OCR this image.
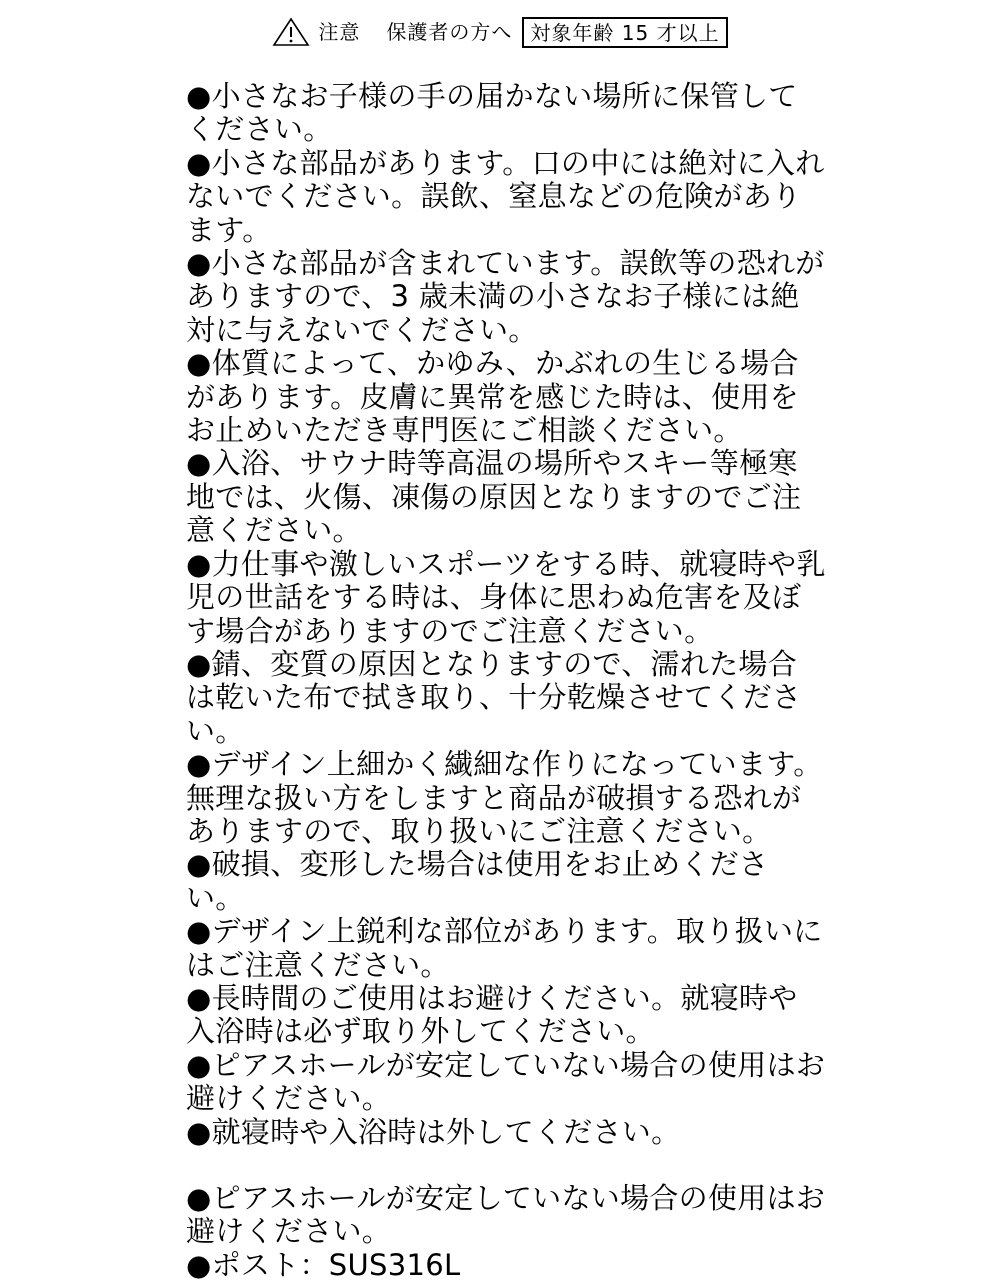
注意 保護者の方へ 対象年齢 15 才以上

●小さなお子様の手の届かない場所に保管してください。

●小さな部品があります。口の中には絶対に入れないでください。誤飲、窒息などの危険があります。

●小さな部品が含まれています。誤飲等の恐れがありますので、3 歳未満の小さなお子様には絶対に与えないでください。

●体質によって、かゆみ、かぶれの生じる場合があります。皮膚に異常を感じた時は、使用をお止めいただき専門医にご相談ください。

●入浴、サウナ時等高温の場所やスキー等極寒地では、火傷、凍傷の原因となりますのでご注意ください。

●力仕事や激しいスポーツをする時、就寝時や乳児の世話をする時は、身体に思わぬ危害を及ぼす場合がありますのでご注意ください。

●錆、変質の原因となりますので、濡れた場合は乾いた布で拭き取り、十分乾燥させてください。

●デザイン上細かく繊細な作りになっています。無理な扱い方をしますと商品が破損する恐れがありますので、取り扱いにご注意ください。

●破損、変形した場合は使用をお止めください。

●デザイン上鋭利な部位があります。取り扱いにはご注意ください。

●長時間のご使用はお避けください。就寝時や入浴時は必ず取り外してください。

●ピアスホールが安定していない場合の使用はお避けください。

●就寝時や入浴時は外してください。

●ピアスホールが安定していない場合の使用はお避けください。

●ポスト：SUS316L
